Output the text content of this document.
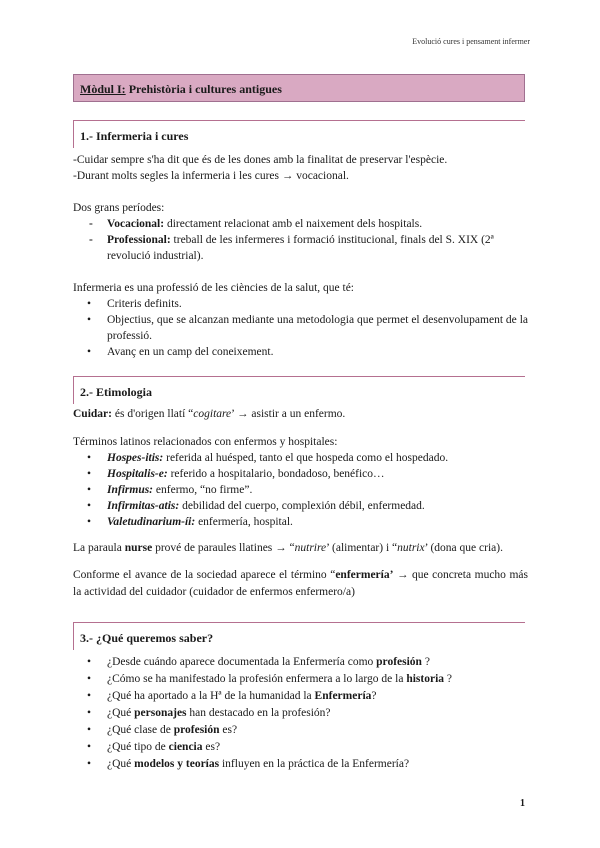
Evolució cures i pensament infermer
Mòdul I: Prehistòria i cultures antigues
1.- Infermeria i cures

-Cuidar sempre s'ha dit que és de les dones amb la finalitat de preservar l'espècie.

-Durant molts segles la infermeria i les cures → vocacional.

Dos grans períodes:

- Vocacional: directament relacionat amb el naixement dels hospitals.
- Professional: treball de les infermeres i formació institucional, finals del S. XIX (2ª revolució industrial).

Infermeria es una professió de les ciències de la salut, que té:

• Criteris definits.
• Objectius, que se alcanzan mediante una metodologia que permet el desenvolupament de la professió.
• Avanç en un camp del coneixement.
2.- Etimologia

Cuidar: és d'origen llatí “cogitare’ → asistir a un enfermo.

Términos latinos relacionados con enfermos y hospitales:

• Hospes-itis: referida al huésped, tanto el que hospeda como el hospedado.
• Hospitalis-e: referido a hospitalario, bondadoso, benéfico…
• Infirmus: enfermo, “no firme”.
• Infirmitas-atis: debilidad del cuerpo, complexión débil, enfermedad.
• Valetudinarium-íi: enfermería, hospital.

La paraula nurse prové de paraules llatines → “nutrire’ (alimentar) i “nutrix’ (dona que cria).

Conforme el avance de la sociedad aparece el término “enfermería’ → que concreta mucho más la actividad del cuidador (cuidador de enfermos enfermero/a)

3.- ¿Qué queremos saber?
• ¿Desde cuándo aparece documentada la Enfermería como profesión ?
• ¿Cómo se ha manifestado la profesión enfermera a lo largo de la historia ?
• ¿Qué ha aportado a la Hª de la humanidad la Enfermería?
• ¿Qué personajes han destacado en la profesión?
• ¿Qué clase de profesión es?
• ¿Qué tipo de ciencia es?
• ¿Qué modelos y teorías influyen en la práctica de la Enfermería?
1
